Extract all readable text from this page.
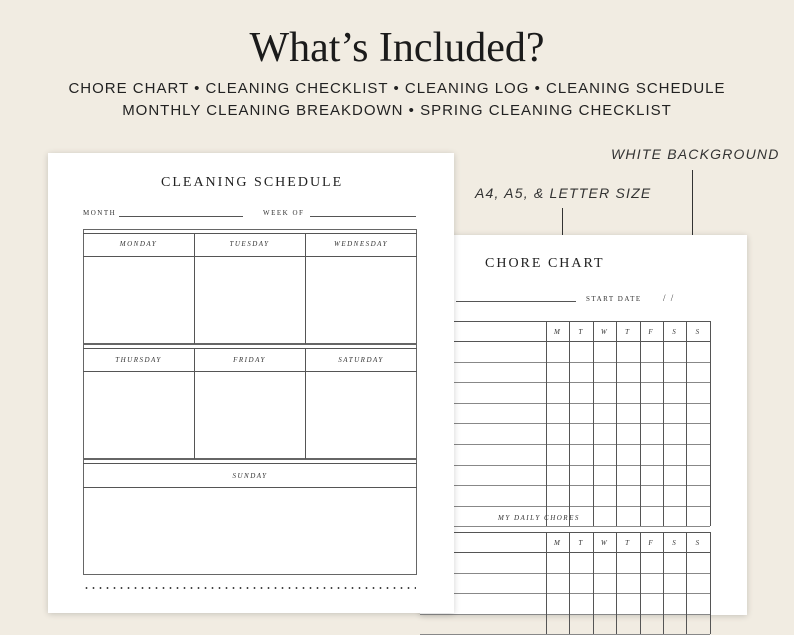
What’s Included?
CHORE CHART • CLEANING CHECKLIST • CLEANING LOG • CLEANING SCHEDULE
MONTHLY CLEANING BREAKDOWN • SPRING CLEANING CHECKLIST
WHITE BACKGROUND
A4, A5, & LETTER SIZE
CHORE CHART
START DATE / /
M	T	W	T	F	S	S
MY DAILY CHORES
M	T	W	T	F	S	S
CLEANING SCHEDULE
MONTH	WEEK OF
MONDAY	TUESDAY	WEDNESDAY
THURSDAY	FRIDAY	SATURDAY
SUNDAY
